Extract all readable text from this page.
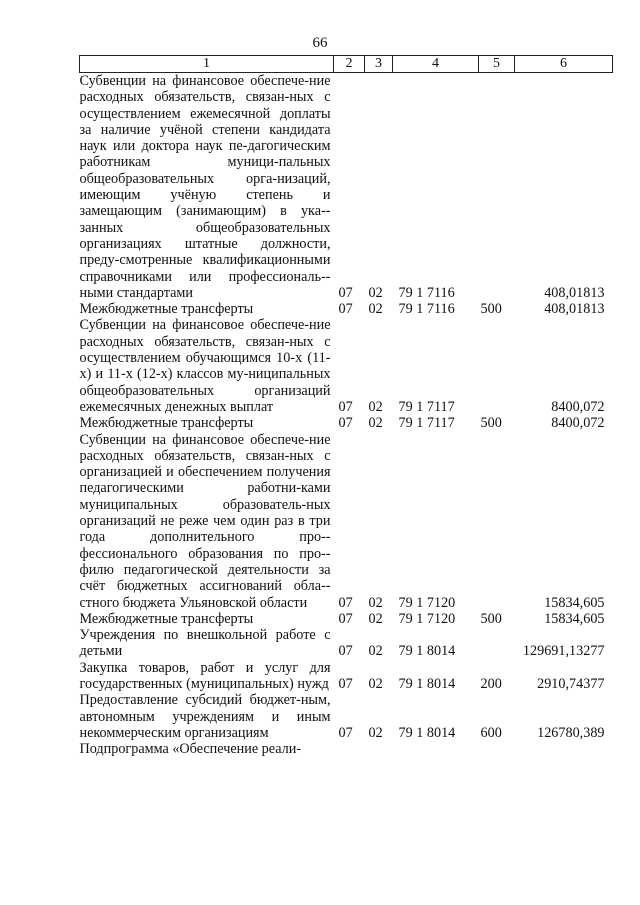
66
1	2	3	4	5	6
Субвенции на финансовое обеспече-ние расходных обязательств, связан-ных с осуществлением ежемесячной доплаты за наличие учёной степени кандидата наук или доктора наук пе-дагогическим работникам муници-пальных общеобразовательных орга-низаций, имеющим учёную степень и замещающим (занимающим) в ука-занных общеобразовательных организациях штатные должности, преду-смотренные квалификационными справочниками или профессиональ-ными стандартами	07	02	79 1 7116		408,01813
Межбюджетные трансферты	07	02	79 1 7116	500	408,01813
Субвенции на финансовое обеспече-ние расходных обязательств, связан-ных с осуществлением обучающимся 10-х (11-х) и 11-х (12-х) классов му-ниципальных общеобразовательных организаций ежемесячных денежных выплат	07	02	79 1 7117		8400,072
Межбюджетные трансферты	07	02	79 1 7117	500	8400,072
Субвенции на финансовое обеспече-ние расходных обязательств, связан-ных с организацией и обеспечением получения педагогическими работни-ками муниципальных образователь-ных организаций не реже чем один раз в три года дополнительного про-фессионального образования по про-филю педагогической деятельности за счёт бюджетных ассигнований обла-стного бюджета Ульяновской области	07	02	79 1 7120		15834,605
Межбюджетные трансферты	07	02	79 1 7120	500	15834,605
Учреждения по внешкольной работе с детьми	07	02	79 1 8014		129691,13277
Закупка товаров, работ и услуг для государственных (муниципальных) нужд	07	02	79 1 8014	200	2910,74377
Предоставление субсидий бюджет-ным, автономным учреждениям и иным некоммерческим организациям	07	02	79 1 8014	600	126780,389
Подпрограмма «Обеспечение реали-					
